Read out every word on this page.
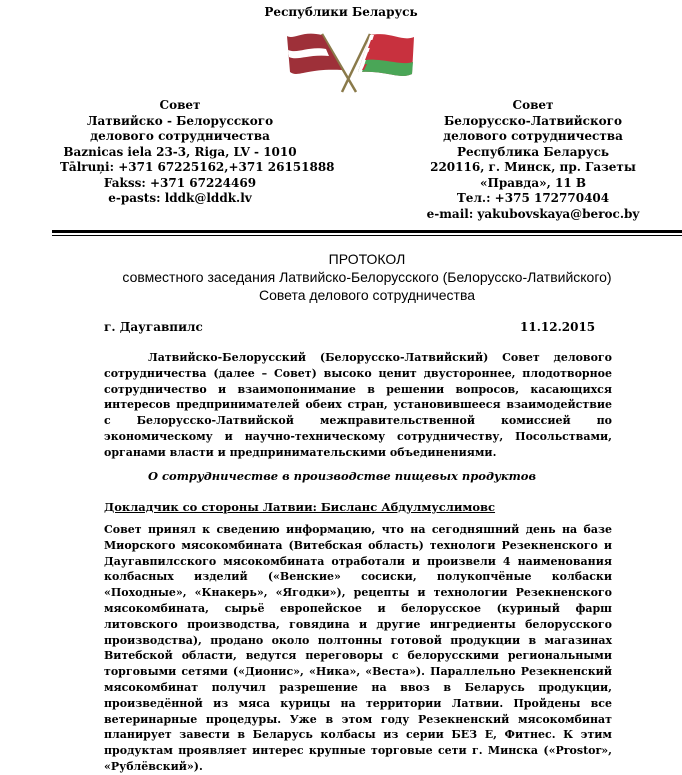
Республики Беларусь
Совет
Латвийско - Белорусского
делового сотрудничества
Baznicas iela 23-3, Riga, LV - 1010
Tālruņi: +371 67225162,+371 26151888
Fakss: +371 67224469
e-pasts: lddk@lddk.lv
Совет
Белорусско-Латвийского
делового сотрудничества
Республика Беларусь
220116, г. Минск, пр. Газеты
«Правда», 11 В
Тел.: +375 172770404
e-mail: yakubovskaya@beroc.by
ПРОТОКОЛ
совместного заседания Латвийско-Белорусского (Белорусско-Латвийского)
Совета делового сотрудничества
г. Даугавпилс	11.12.2015
Латвийско-Белорусский (Белорусско-Латвийский) Совет делового сотрудничества (далее – Совет) высоко ценит двустороннее, плодотворное сотрудничество и взаимопонимание в решении вопросов, касающихся интересов предпринимателей обеих стран, установившееся взаимодействие с Белорусско-Латвийской межправительственной комиссией по экономическому и научно-техническому сотрудничеству, Посольствами, органами власти и предпринимательскими объединениями.
О сотрудничестве в производстве пищевых продуктов
Докладчик со стороны Латвии: Бисланс Абдулмуслимовс
Совет принял к сведению информацию, что на сегодняшний день на базе Миорского мясокомбината (Витебская область) технологи Резекненского и Даугавпилсского мясокомбината отработали и произвели 4 наименования колбасных изделий («Венские» сосиски, полукопчёные колбаски «Походные», «Кнакерь», «Ягодки»), рецепты и технологии Резекненского мясокомбината, сырьё европейское и белорусское (куриный фарш литовского производства, говядина и другие ингредиенты белорусского производства), продано около полтонны готовой продукции в магазинах Витебской области, ведутся переговоры с белорусскими региональными торговыми сетями («Дионис», «Ника», «Веста»). Параллельно Резекненский мясокомбинат получил разрешение на ввоз в Беларусь продукции, произведённой из мяса курицы на территории Латвии. Пройдены все ветеринарные процедуры. Уже в этом году Резекненский мясокомбинат планирует завести в Беларусь колбасы из серии БЕЗ Е, Фитнес. К этим продуктам проявляет интерес крупные торговые сети г. Минска («Prostor», «Рублёвский»).
